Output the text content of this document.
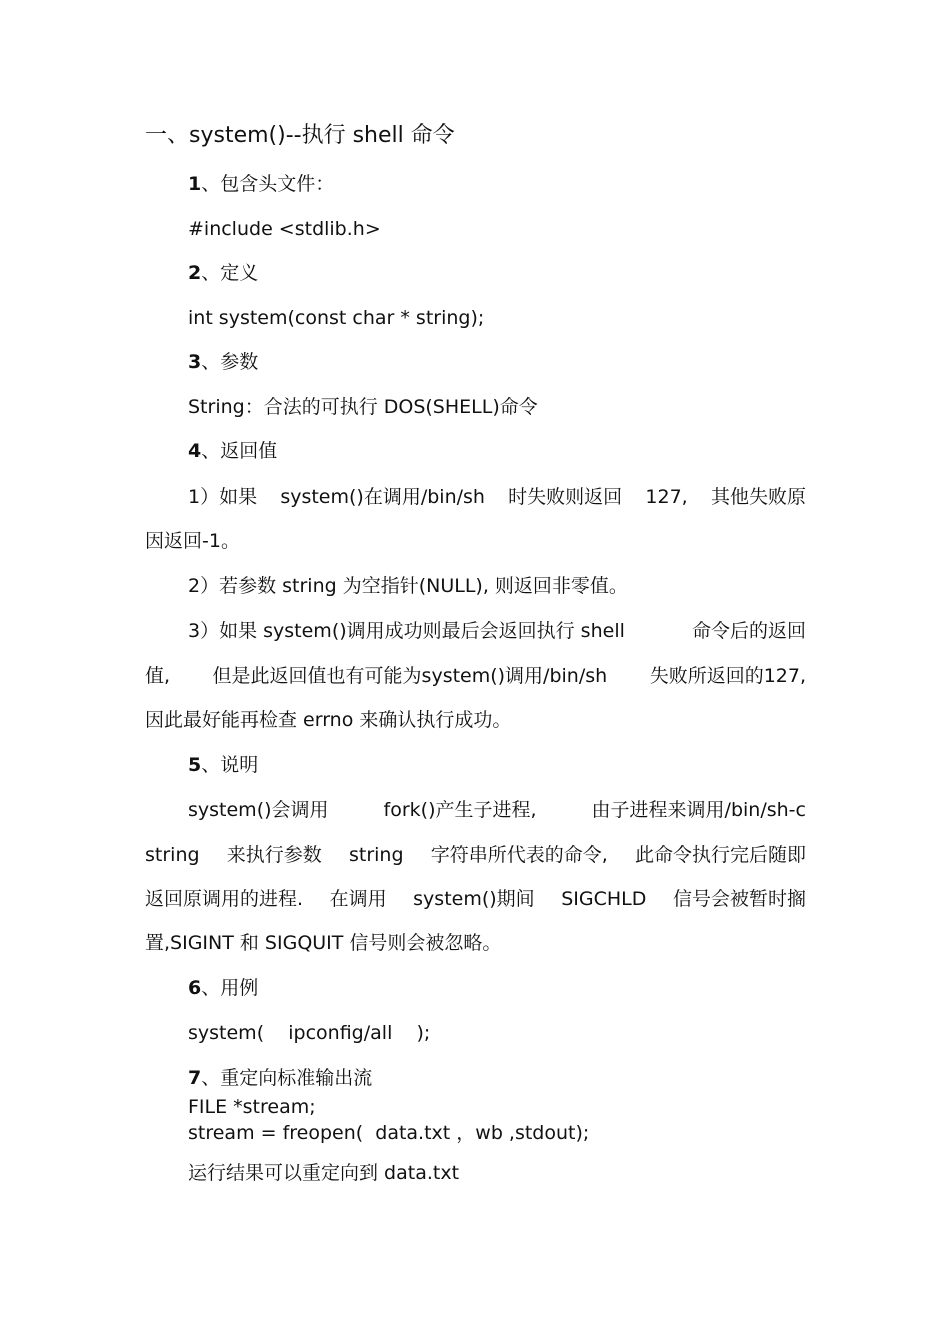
一、system()--执行 shell 命令
1、包含头文件：
#include <stdlib.h>
2、定义
int system(const char * string);
3、参数
String：合法的可执行 DOS(SHELL)命令
4、返回值
1）如果 system()在调用/bin/sh 时失败则返回 127, 其他失败原
因返回-1。
2）若参数 string 为空指针(NULL), 则返回非零值。
3）如果 system()调用成功则最后会返回执行 shell	命令后的返回
值, 但是此返回值也有可能为system()调用/bin/sh 失败所返回的127,
因此最好能再检查 errno 来确认执行成功。
5、说明
system()会调用	fork()产生子进程,	由子进程来调用/bin/sh-c
string 来执行参数 string 字符串所代表的命令, 此命令执行完后随即
返回原调用的进程. 在调用 system()期间 SIGCHLD 信号会被暂时搁
置,SIGINT 和 SIGQUIT 信号则会被忽略。
6、用例
system(    ipconfig/all    );
7、重定向标准输出流
FILE *stream;
stream = freopen(  data.txt ，wb ,stdout);
运行结果可以重定向到 data.txt
